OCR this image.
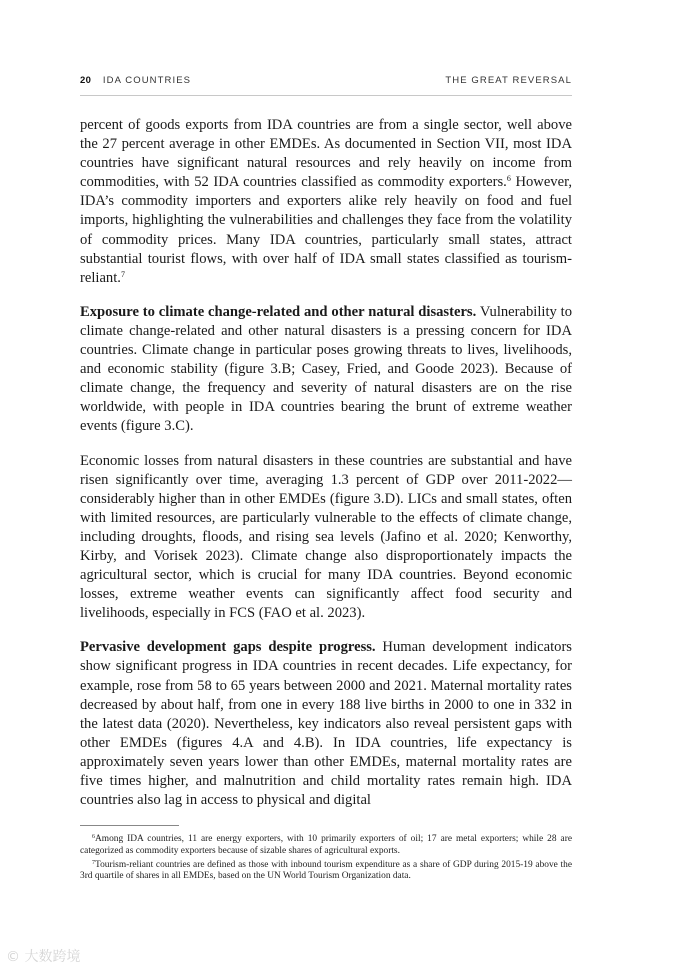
20 IDA COUNTRIES	THE GREAT REVERSAL

percent of goods exports from IDA countries are from a single sector, well above the 27 percent average in other EMDEs. As documented in Section VII, most IDA countries have significant natural resources and rely heavily on income from commodities, with 52 IDA countries classified as commodity exporters.$^6$ However, IDA’s commodity importers and exporters alike rely heavily on food and fuel imports, highlighting the vulnerabilities and challenges they face from the volatility of commodity prices. Many IDA countries, particularly small states, attract substantial tourist flows, with over half of IDA small states classified as tourism-reliant.$^7$

Exposure to climate change-related and other natural disasters. Vulnerability to climate change-related and other natural disasters is a pressing concern for IDA countries. Climate change in particular poses growing threats to lives, livelihoods, and economic stability (figure 3.B; Casey, Fried, and Goode 2023). Because of climate change, the frequency and severity of natural disasters are on the rise worldwide, with people in IDA countries bearing the brunt of extreme weather events (figure 3.C).

Economic losses from natural disasters in these countries are substantial and have risen significantly over time, averaging 1.3 percent of GDP over 2011-2022—considerably higher than in other EMDEs (figure 3.D). LICs and small states, often with limited resources, are particularly vulnerable to the effects of climate change, including droughts, floods, and rising sea levels (Jafino et al. 2020; Kenworthy, Kirby, and Vorisek 2023). Climate change also disproportionately impacts the agricultural sector, which is crucial for many IDA countries. Beyond economic losses, extreme weather events can significantly affect food security and livelihoods, especially in FCS (FAO et al. 2023).

Pervasive development gaps despite progress. Human development indicators show significant progress in IDA countries in recent decades. Life expectancy, for example, rose from 58 to 65 years between 2000 and 2021. Maternal mortality rates decreased by about half, from one in every 188 live births in 2000 to one in 332 in the latest data (2020). Nevertheless, key indicators also reveal persistent gaps with other EMDEs (figures 4.A and 4.B). In IDA countries, life expectancy is approximately seven years lower than other EMDEs, maternal mortality rates are five times higher, and malnutrition and child mortality rates remain high. IDA countries also lag in access to physical and digital

$^6$Among IDA countries, 11 are energy exporters, with 10 primarily exporters of oil; 17 are metal exporters; while 28 are categorized as commodity exporters because of sizable shares of agricultural exports.

$^7$Tourism-reliant countries are defined as those with inbound tourism expenditure as a share of GDP during 2015-19 above the 3rd quartile of shares in all EMDEs, based on the UN World Tourism Organization data.

© 大数跨境
